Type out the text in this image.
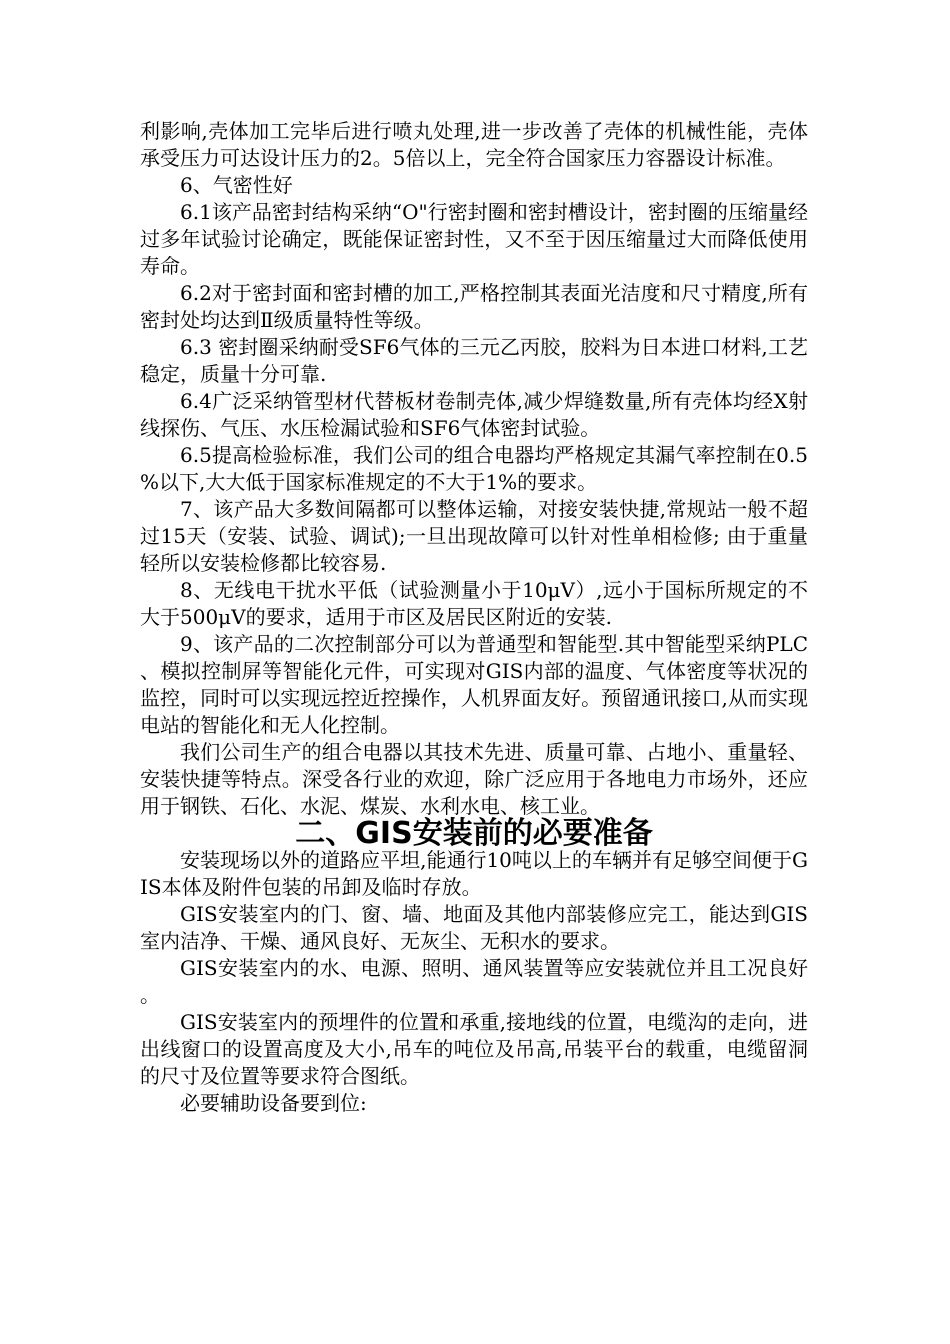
利影响,壳体加工完毕后进行喷丸处理,进一步改善了壳体的机械性能，壳体承受压力可达设计压力的2。5倍以上，完全符合国家压力容器设计标准。

6、气密性好

6.1该产品密封结构采纳“O"行密封圈和密封槽设计，密封圈的压缩量经过多年试验讨论确定，既能保证密封性，又不至于因压缩量过大而降低使用寿命。

6.2对于密封面和密封槽的加工,严格控制其表面光洁度和尺寸精度,所有密封处均达到Ⅱ级质量特性等级。

6.3 密封圈采纳耐受SF6气体的三元乙丙胶，胶料为日本进口材料,工艺稳定，质量十分可靠.

6.4广泛采纳管型材代替板材卷制壳体,减少焊缝数量,所有壳体均经X射线探伤、气压、水压检漏试验和SF6气体密封试验。

6.5提高检验标准，我们公司的组合电器均严格规定其漏气率控制在0.5%以下,大大低于国家标准规定的不大于1%的要求。

7、该产品大多数间隔都可以整体运输，对接安装快捷,常规站一般不超过15天（安装、试验、调试);一旦出现故障可以针对性单相检修; 由于重量轻所以安装检修都比较容易.

8、无线电干扰水平低（试验测量小于10μV）,远小于国标所规定的不大于500μV的要求，适用于市区及居民区附近的安装.

9、该产品的二次控制部分可以为普通型和智能型.其中智能型采纳PLC、模拟控制屏等智能化元件，可实现对GIS内部的温度、气体密度等状况的监控，同时可以实现远控近控操作，人机界面友好。预留通讯接口,从而实现电站的智能化和无人化控制。

我们公司生产的组合电器以其技术先进、质量可靠、占地小、重量轻、安装快捷等特点。深受各行业的欢迎，除广泛应用于各地电力市场外，还应用于钢铁、石化、水泥、煤炭、水利水电、核工业。

二、GIS安装前的必要准备

安装现场以外的道路应平坦,能通行10吨以上的车辆并有足够空间便于GIS本体及附件包装的吊卸及临时存放。

GIS安装室内的门、窗、墙、地面及其他内部装修应完工，能达到GIS室内洁净、干燥、通风良好、无灰尘、无积水的要求。

GIS安装室内的水、电源、照明、通风装置等应安装就位并且工况良好。

GIS安装室内的预埋件的位置和承重,接地线的位置，电缆沟的走向，进出线窗口的设置高度及大小,吊车的吨位及吊高,吊装平台的载重，电缆留洞的尺寸及位置等要求符合图纸。

必要辅助设备要到位:
